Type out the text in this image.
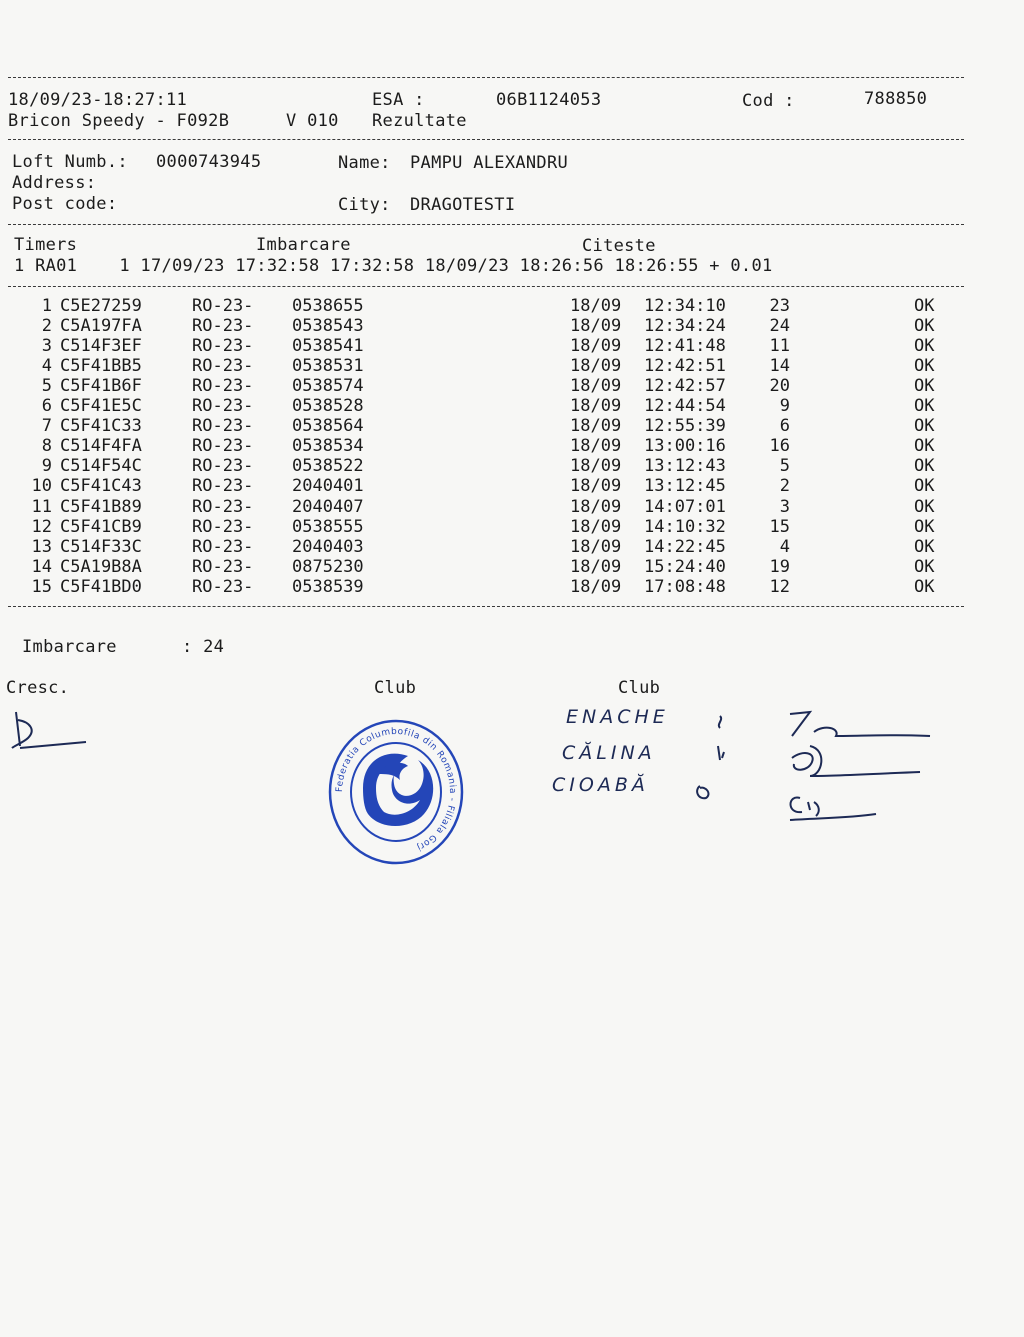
18/09/23-18:27:11	ESA :	06B1124053	Cod :	788850
Bricon Speedy - F092B	V 010 Rezultate
Loft Numb.: 0000743945	Name: PAMPU ALEXANDRU
Address:
Post code:	City: DRAGOTESTI
Timers	Imbarcare	Citeste
1 RA01    1 17/09/23 17:32:58 17:32:58 18/09/23 18:26:56 18:26:55 + 0.01
1 C5E27259	RO-23- 0538655	18/09 12:34:10	23	OK
2 C5A197FA	RO-23- 0538543	18/09 12:34:24	24	OK
3 C514F3EF	RO-23- 0538541	18/09 12:41:48	11	OK
4 C5F41BB5	RO-23- 0538531	18/09 12:42:51	14	OK
5 C5F41B6F	RO-23- 0538574	18/09 12:42:57	20	OK
6 C5F41E5C	RO-23- 0538528	18/09 12:44:54	9	OK
7 C5F41C33	RO-23- 0538564	18/09 12:55:39	6	OK
8 C514F4FA	RO-23- 0538534	18/09 13:00:16	16	OK
9 C514F54C	RO-23- 0538522	18/09 13:12:43	5	OK
10 C5F41C43	RO-23- 2040401	18/09 13:12:45	2	OK
11 C5F41B89	RO-23- 2040407	18/09 14:07:01	3	OK
12 C5F41CB9	RO-23- 0538555	18/09 14:10:32	15	OK
13 C514F33C	RO-23- 2040403	18/09 14:22:45	4	OK
14 C5A19B8A	RO-23- 0875230	18/09 15:24:40	19	OK
15 C5F41BD0	RO-23- 0538539	18/09 17:08:48	12	OK
Imbarcare	: 24
Cresc.	Club	Club
Federatia Columbofila din Romania - Filiala Gorj
ENACHE
CĂLINA
CIOABĂ
